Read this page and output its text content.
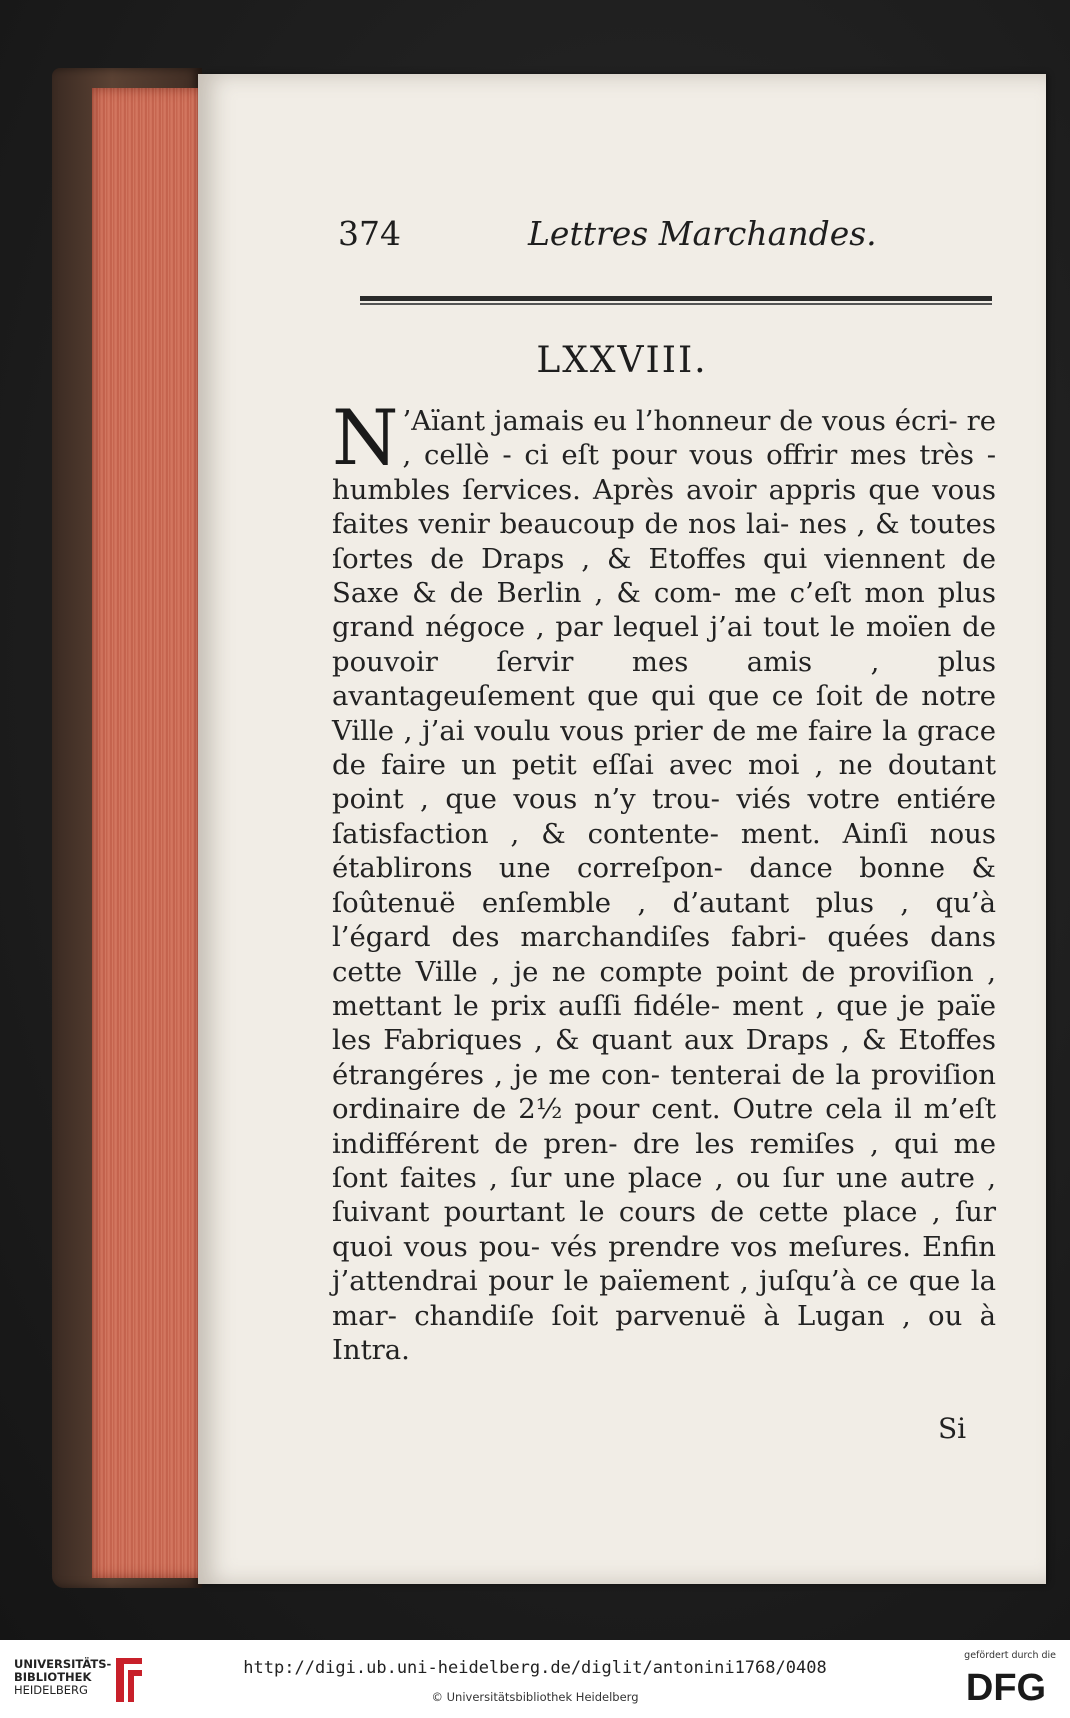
374	Lettres Marchandes.
LXXVIII.
N ’Aïant jamais eu l’honneur de vous écri- re , cellè - ci eſt pour vous offrir mes très - humbles ſervices. Après avoir appris que vous faites venir beaucoup de nos lai- nes , & toutes ſortes de Draps , & Etoffes qui viennent de Saxe & de Berlin , & com- me c’eſt mon plus grand négoce , par lequel j’ai tout le moïen de pouvoir ſervir mes amis , plus avantageuſement que qui que ce ſoit de notre Ville , j’ai voulu vous prier de me faire la grace de faire un petit eſſai avec moi , ne doutant point , que vous n’y trou- viés votre entiére ſatisfaction , & contente- ment. Ainſi nous établirons une correſpon- dance bonne & ſoûtenuë enſemble , d’autant plus , qu’à l’égard des marchandiſes fabri- quées dans cette Ville , je ne compte point de proviſion , mettant le prix auſſi fidéle- ment , que je païe les Fabriques , & quant aux Draps , & Etoffes étrangéres , je me con- tenterai de la proviſion ordinaire de 2½ pour cent. Outre cela il m’eſt indifférent de pren- dre les remiſes , qui me ſont faites , ſur une place , ou ſur une autre , ſuivant pourtant le cours de cette place , ſur quoi vous pou- vés prendre vos meſures. Enfin j’attendrai pour le païement , juſqu’à ce que la mar- chandiſe ſoit parvenuë à Lugan , ou à Intra.
Si
UNIVERSITÄTS-
BIBLIOTHEK
HEIDELBERG
http://digi.ub.uni-heidelberg.de/diglit/antonini1768/0408
© Universitätsbibliothek Heidelberg
gefördert durch die
DFG
